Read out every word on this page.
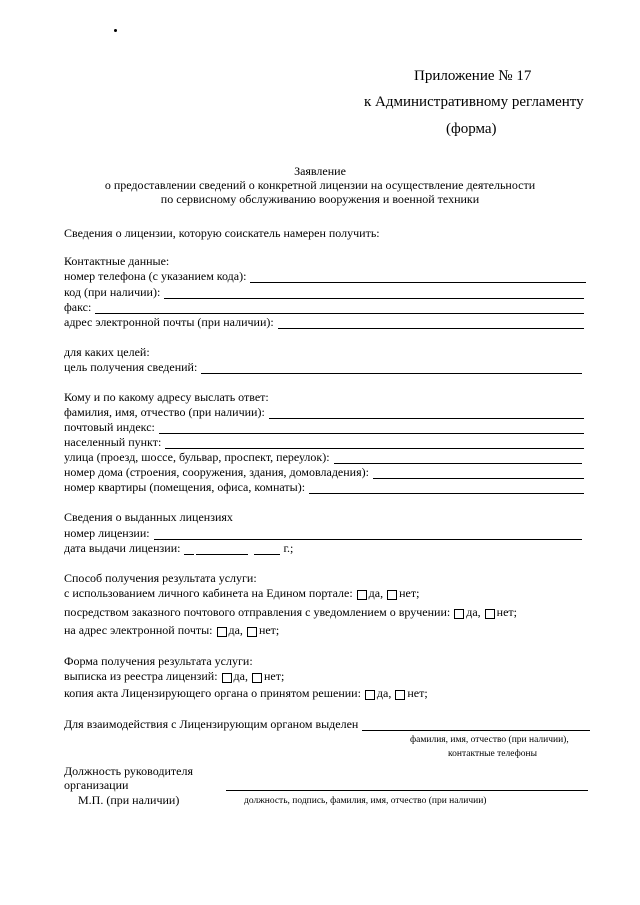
Приложение № 17
к Административному регламенту
(форма)
Заявление
о предоставлении сведений о конкретной лицензии на осуществление деятельности
по сервисному обслуживанию вооружения и военной техники
Сведения о лицензии, которую соискатель намерен получить:
Контактные данные:
номер телефона (с указанием кода):
код (при наличии):
факс:
адрес электронной почты (при наличии):
для каких целей:
цель получения сведений:
Кому и по какому адресу выслать ответ:
фамилия, имя, отчество (при наличии):
почтовый индекс:
населенный пункт:
улица (проезд, шоссе, бульвар, проспект, переулок):
номер дома (строения, сооружения, здания, домовладения):
номер квартиры (помещения, офиса, комнаты):
Сведения о выданных лицензиях
номер лицензии:
дата выдачи лицензии:	г.;
Способ получения результата услуги:
с использованием личного кабинета на Едином портале: да, нет;
посредством заказного почтового отправления с уведомлением о вручении: да, нет;
на адрес электронной почты: да, нет;
Форма получения результата услуги:
выписка из реестра лицензий: да, нет;
копия акта Лицензирующего органа о принятом решении: да, нет;
Для взаимодействия с Лицензирующим органом выделен
фамилия, имя, отчество (при наличии),
контактные телефоны
Должность руководителя
организации
М.П. (при наличии)	должность, подпись, фамилия, имя, отчество (при наличии)
